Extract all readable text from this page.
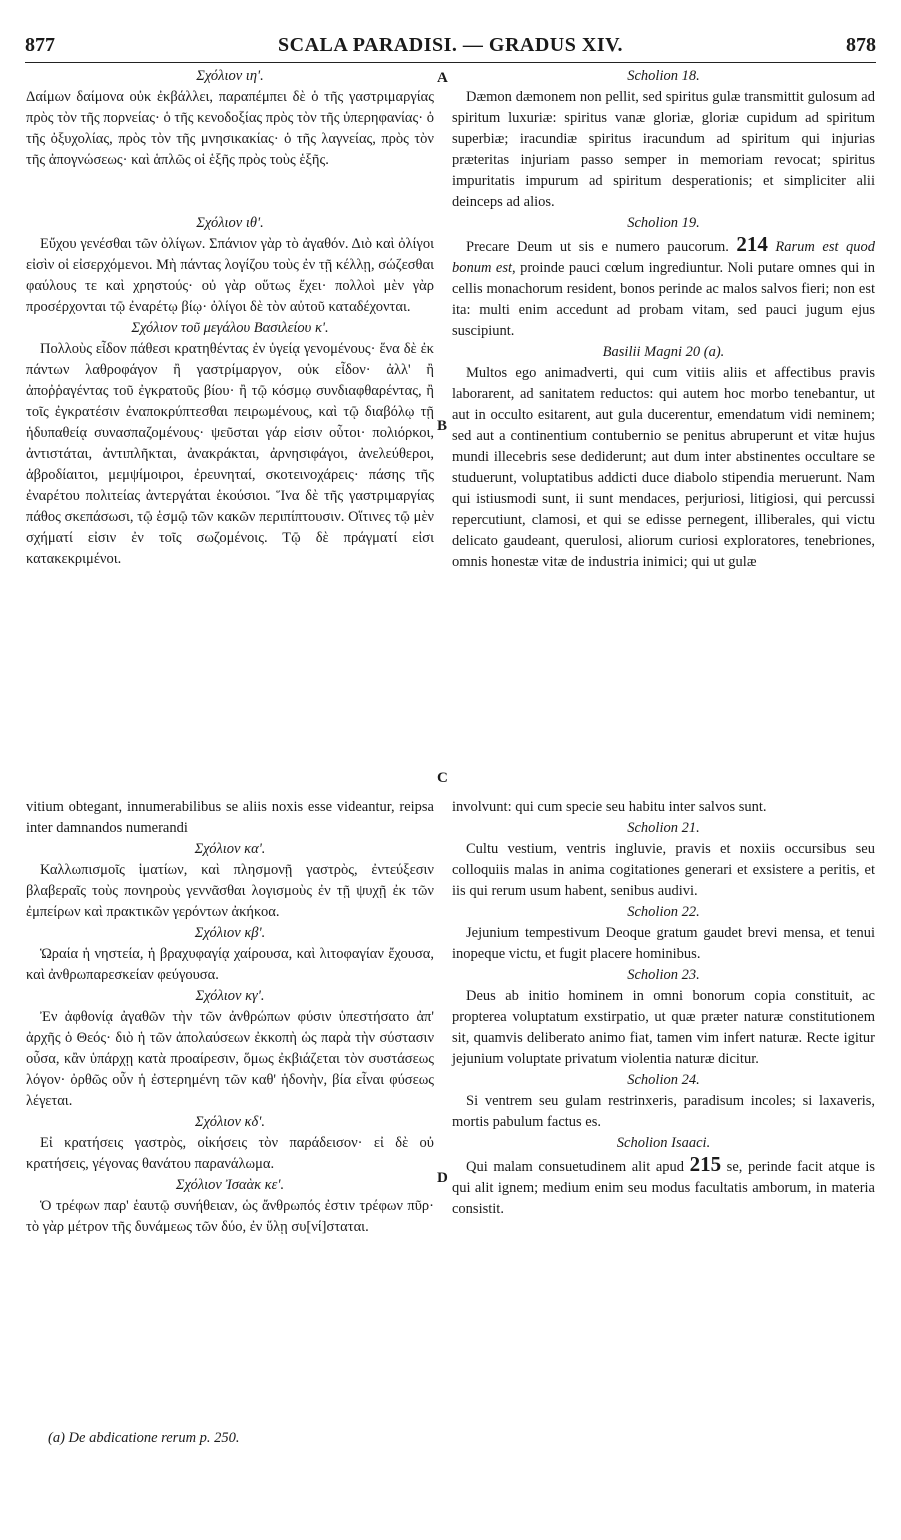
877	SCALA PARADISI. — GRADUS XIV.	878
A
B
C
D

Σχόλιον ιη'.

Δαίμων δαίμονα οὐκ ἐκβάλλει, παραπέμπει δὲ ὁ τῆς γαστριμαργίας πρὸς τὸν τῆς πορνείας· ὁ τῆς κενοδοξίας πρὸς τὸν τῆς ὑπερηφανίας· ὁ τῆς ὀξυχολίας, πρὸς τὸν τῆς μνησικακίας· ὁ τῆς λαγνείας, πρὸς τὸν τῆς ἀπογνώσεως· καὶ ἁπλῶς οἱ ἑξῆς πρὸς τοὺς ἑξῆς.

Σχόλιον ιθ'.

Εὔχου γενέσθαι τῶν ὀλίγων. Σπάνιον γὰρ τὸ ἀγαθόν. Διὸ καὶ ὀλίγοι εἰσὶν οἱ εἰσερχόμενοι. Μὴ πάντας λογίζου τοὺς ἐν τῇ κέλλῃ, σώζεσθαι φαύλους τε καὶ χρηστούς· οὐ γὰρ οὕτως ἔχει· πολλοὶ μὲν γὰρ προσέρχονται τῷ ἐναρέτῳ βίῳ· ὀλίγοι δὲ τὸν αὐτοῦ καταδέχονται.

Σχόλιον τοῦ μεγάλου Βασιλείου κ'.

Πολλοὺς εἶδον πάθεσι κρατηθέντας ἐν ὑγείᾳ γενομένους· ἕνα δὲ ἐκ πάντων λαθροφάγον ἢ γαστρίμαργον, οὐκ εἶδον· ἀλλ' ἢ ἀποῤῥαγέντας τοῦ ἐγκρατοῦς βίου· ἢ τῷ κόσμῳ συνδιαφθαρέντας, ἢ τοῖς ἐγκρατέσιν ἐναποκρύπτεσθαι πειρωμένους, καὶ τῷ διαβόλῳ τῇ ἡδυπαθείᾳ συνασπαζομένους· ψεῦσται γάρ εἰσιν οὗτοι· πολιόρκοι, ἀντιστάται, ἀντιπλῆκται, ἀνακράκται, ἀρνησιφάγοι, ἀνελεύθεροι, ἁβροδίαιτοι, μεμψίμοιροι, ἐρευνηταί, σκοτεινοχάρεις· πάσης τῆς ἐναρέτου πολιτείας ἀντεργάται ἑκούσιοι. Ἵνα δὲ τῆς γαστριμαργίας πάθος σκεπάσωσι, τῷ ἑσμῷ τῶν κακῶν περιπίπτουσιν. Οἵτινες τῷ μὲν σχήματί εἰσιν ἐν τοῖς σωζομένοις. Τῷ δὲ πράγματί εἰσι κατακεκριμένοι.

Scholion 18.

Dæmon dæmonem non pellit, sed spiritus gulæ transmittit gulosum ad spiritum luxuriæ: spiritus vanæ gloriæ, gloriæ cupidum ad spiritum superbiæ; iracundiæ spiritus iracundum ad spiritum qui injurias præteritas injuriam passo semper in memoriam revocat; spiritus impuritatis impurum ad spiritum desperationis; et simpliciter alii deinceps ad alios.

Scholion 19.

Precare Deum ut sis e numero paucorum. 214 Rarum est quod bonum est, proinde pauci cœlum ingrediuntur. Noli putare omnes qui in cellis monachorum resident, bonos perinde ac malos salvos fieri; non est ita: multi enim accedunt ad probam vitam, sed pauci jugum ejus suscipiunt.

Basilii Magni 20 (a).

Multos ego animadverti, qui cum vitiis aliis et affectibus pravis laborarent, ad sanitatem reductos: qui autem hoc morbo tenebantur, ut aut in occulto esitarent, aut gula ducerentur, emendatum vidi neminem; sed aut a continentium contubernio se penitus abruperunt et vitæ hujus mundi illecebris sese dediderunt; aut dum inter abstinentes occultare se studuerunt, voluptatibus addicti duce diabolo stipendia meruerunt. Nam qui istiusmodi sunt, ii sunt mendaces, perjuriosi, litigiosi, qui percussi repercutiunt, clamosi, et qui se edisse pernegent, illiberales, qui victu delicato gaudeant, querulosi, aliorum curiosi exploratores, tenebriones, omnis honestæ vitæ de industria inimici; qui ut gulæ

vitium obtegant, innumerabilibus se aliis noxis esse videantur, reipsa inter damnandos numerandi

Σχόλιον κα'.

Καλλωπισμοῖς ἱματίων, καὶ πλησμονῇ γαστρὸς, ἐντεύξεσιν βλαβεραῖς τοὺς πονηροὺς γεννᾶσθαι λογισμοὺς ἐν τῇ ψυχῇ ἐκ τῶν ἐμπείρων καὶ πρακτικῶν γερόντων ἀκήκοα.

Σχόλιον κβ'.

Ὡραία ἡ νηστεία, ἡ βραχυφαγίᾳ χαίρουσα, καὶ λιτοφαγίαν ἔχουσα, καὶ ἀνθρωπαρεσκείαν φεύγουσα.

Σχόλιον κγ'.

Ἐν ἀφθονίᾳ ἀγαθῶν τὴν τῶν ἀνθρώπων φύσιν ὑπεστήσατο ἀπ' ἀρχῆς ὁ Θεός· διὸ ἡ τῶν ἀπολαύσεων ἐκκοπὴ ὡς παρὰ τὴν σύστασιν οὖσα, κἂν ὑπάρχῃ κατὰ προαίρεσιν, ὅμως ἐκβιάζεται τὸν συστάσεως λόγον· ὀρθῶς οὖν ἡ ἐστερημένη τῶν καθ' ἡδονὴν, βία εἶναι φύσεως λέγεται.

Σχόλιον κδ'.

Εἰ κρατήσεις γαστρὸς, οἰκήσεις τὸν παράδεισον· εἰ δὲ οὐ κρατήσεις, γέγονας θανάτου παρανάλωμα.

Σχόλιον Ἰσαὰκ κε'.

Ὁ τρέφων παρ' ἑαυτῷ συνήθειαν, ὡς ἄνθρωπός ἐστιν τρέφων πῦρ· τὸ γὰρ μέτρον τῆς δυνάμεως τῶν δύο, ἐν ὕλῃ συ[νί]σταται.

involvunt: qui cum specie seu habitu inter salvos sunt.

Scholion 21.

Cultu vestium, ventris ingluvie, pravis et noxiis occursibus seu colloquiis malas in anima cogitationes generari et exsistere a peritis, et iis qui rerum usum habent, senibus audivi.

Scholion 22.

Jejunium tempestivum Deoque gratum gaudet brevi mensa, et tenui inopeque victu, et fugit placere hominibus.

Scholion 23.

Deus ab initio hominem in omni bonorum copia constituit, ac propterea voluptatum exstirpatio, ut quæ præter naturæ constitutionem sit, quamvis deliberato animo fiat, tamen vim infert naturæ. Recte igitur jejunium voluptate privatum violentia naturæ dicitur.

Scholion 24.

Si ventrem seu gulam restrinxeris, paradisum incoles; si laxaveris, mortis pabulum factus es.

Scholion Isaaci.

Qui malam consuetudinem alit apud 215 se, perinde facit atque is qui alit ignem; medium enim seu modus facultatis amborum, in materia consistit.

(a) De abdicatione rerum p. 250.
